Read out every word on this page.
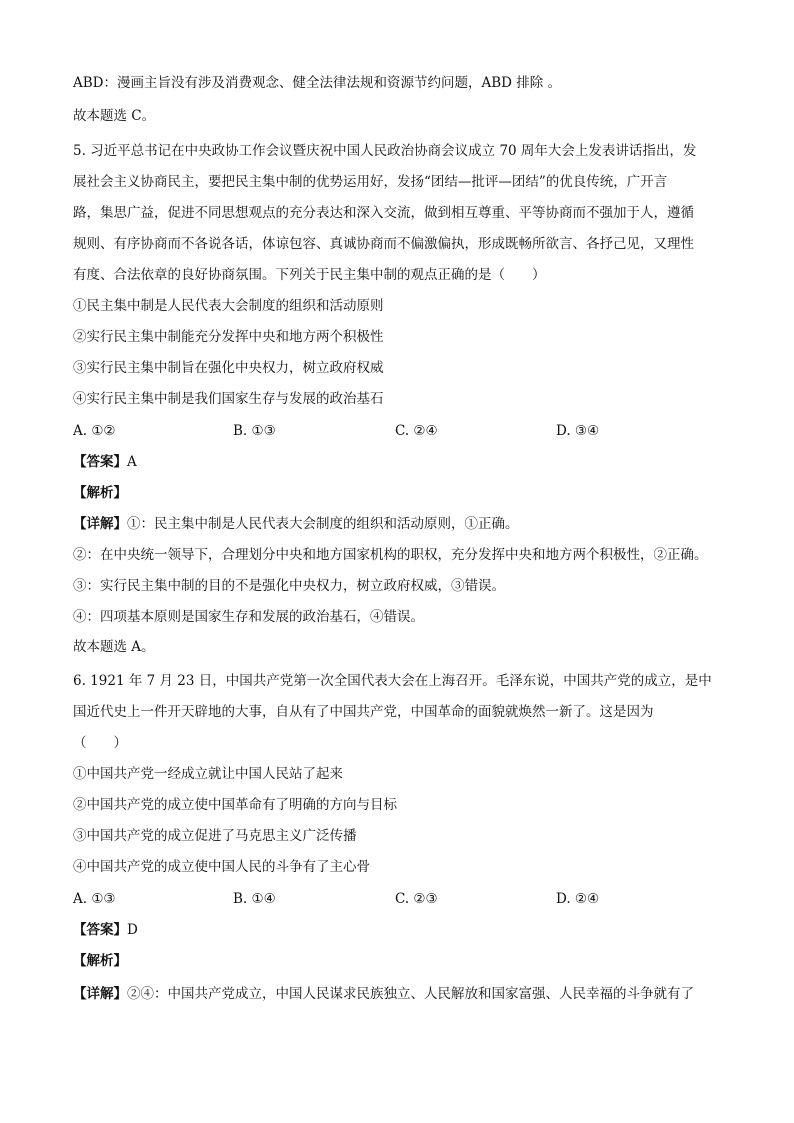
ABD：漫画主旨没有涉及消费观念、健全法律法规和资源节约问题，ABD 排除 。
故本题选 C。
5. 习近平总书记在中央政协工作会议暨庆祝中国人民政治协商会议成立 70 周年大会上发表讲话指出，发
展社会主义协商民主，要把民主集中制的优势运用好，发扬“团结—批评—团结”的优良传统，广开言
路，集思广益，促进不同思想观点的充分表达和深入交流，做到相互尊重、平等协商而不强加于人，遵循
规则、有序协商而不各说各话，体谅包容、真诚协商而不偏激偏执，形成既畅所欲言、各抒己见，又理性
有度、合法依章的良好协商氛围。下列关于民主集中制的观点正确的是（　　）
①民主集中制是人民代表大会制度的组织和活动原则
②实行民主集中制能充分发挥中央和地方两个积极性
③实行民主集中制旨在强化中央权力，树立政府权威
④实行民主集中制是我们国家生存与发展的政治基石
A. ①②	B. ①③	C. ②④	D. ③④
【答案】A
【解析】
【详解】①：民主集中制是人民代表大会制度的组织和活动原则，①正确。
②：在中央统一领导下，合理划分中央和地方国家机构的职权，充分发挥中央和地方两个积极性，②正确。
③：实行民主集中制的目的不是强化中央权力，树立政府权威，③错误。
④：四项基本原则是国家生存和发展的政治基石，④错误。
故本题选 A。
6. 1921 年 7 月 23 日，中国共产党第一次全国代表大会在上海召开。毛泽东说，中国共产党的成立，是中
国近代史上一件开天辟地的大事，自从有了中国共产党，中国革命的面貌就焕然一新了。这是因为
（　　）
①中国共产党一经成立就让中国人民站了起来
②中国共产党的成立使中国革命有了明确的方向与目标
③中国共产党的成立促进了马克思主义广泛传播
④中国共产党的成立使中国人民的斗争有了主心骨
A. ①③	B. ①④	C. ②③	D. ②④
【答案】D
【解析】
【详解】②④：中国共产党成立，中国人民谋求民族独立、人民解放和国家富强、人民幸福的斗争就有了
